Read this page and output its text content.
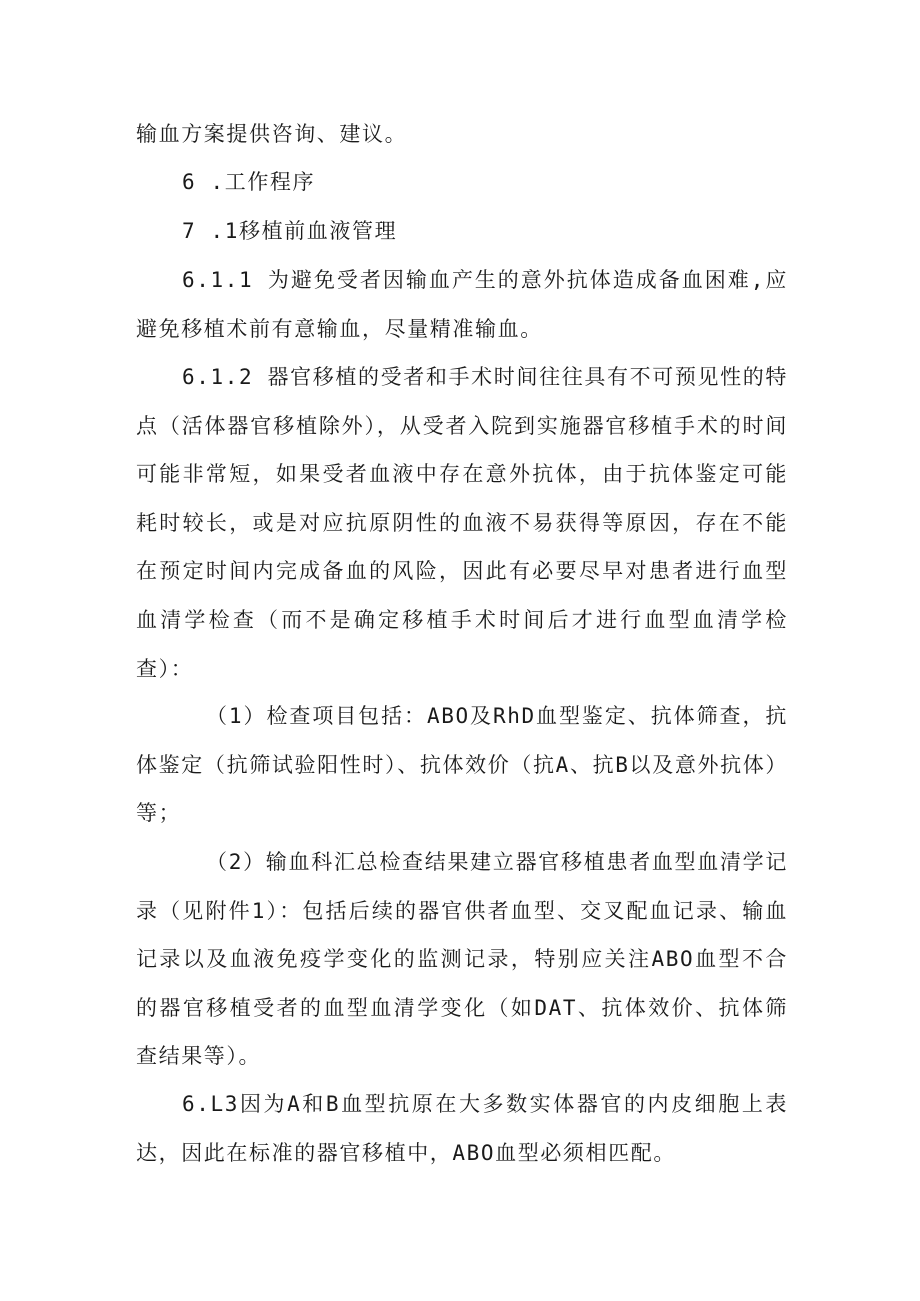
输血方案提供咨询、建议。

6 .工作程序

7 .1移植前血液管理

6.1.1 为避免受者因输血产生的意外抗体造成备血困难,应避免移植术前有意输血，尽量精准输血。

6.1.2 器官移植的受者和手术时间往往具有不可预见性的特点（活体器官移植除外），从受者入院到实施器官移植手术的时间可能非常短，如果受者血液中存在意外抗体，由于抗体鉴定可能耗时较长，或是对应抗原阴性的血液不易获得等原因，存在不能在预定时间内完成备血的风险，因此有必要尽早对患者进行血型血清学检查（而不是确定移植手术时间后才进行血型血清学检查）：

（1）检查项目包括：ABO及RhD血型鉴定、抗体筛查，抗体鉴定（抗筛试验阳性时）、抗体效价（抗A、抗B以及意外抗体）等；

（2）输血科汇总检查结果建立器官移植患者血型血清学记录（见附件1）：包括后续的器官供者血型、交叉配血记录、输血记录以及血液免疫学变化的监测记录，特别应关注ABO血型不合的器官移植受者的血型血清学变化（如DAT、抗体效价、抗体筛查结果等）。

6.L3因为A和B血型抗原在大多数实体器官的内皮细胞上表达，因此在标准的器官移植中，ABO血型必须相匹配。
